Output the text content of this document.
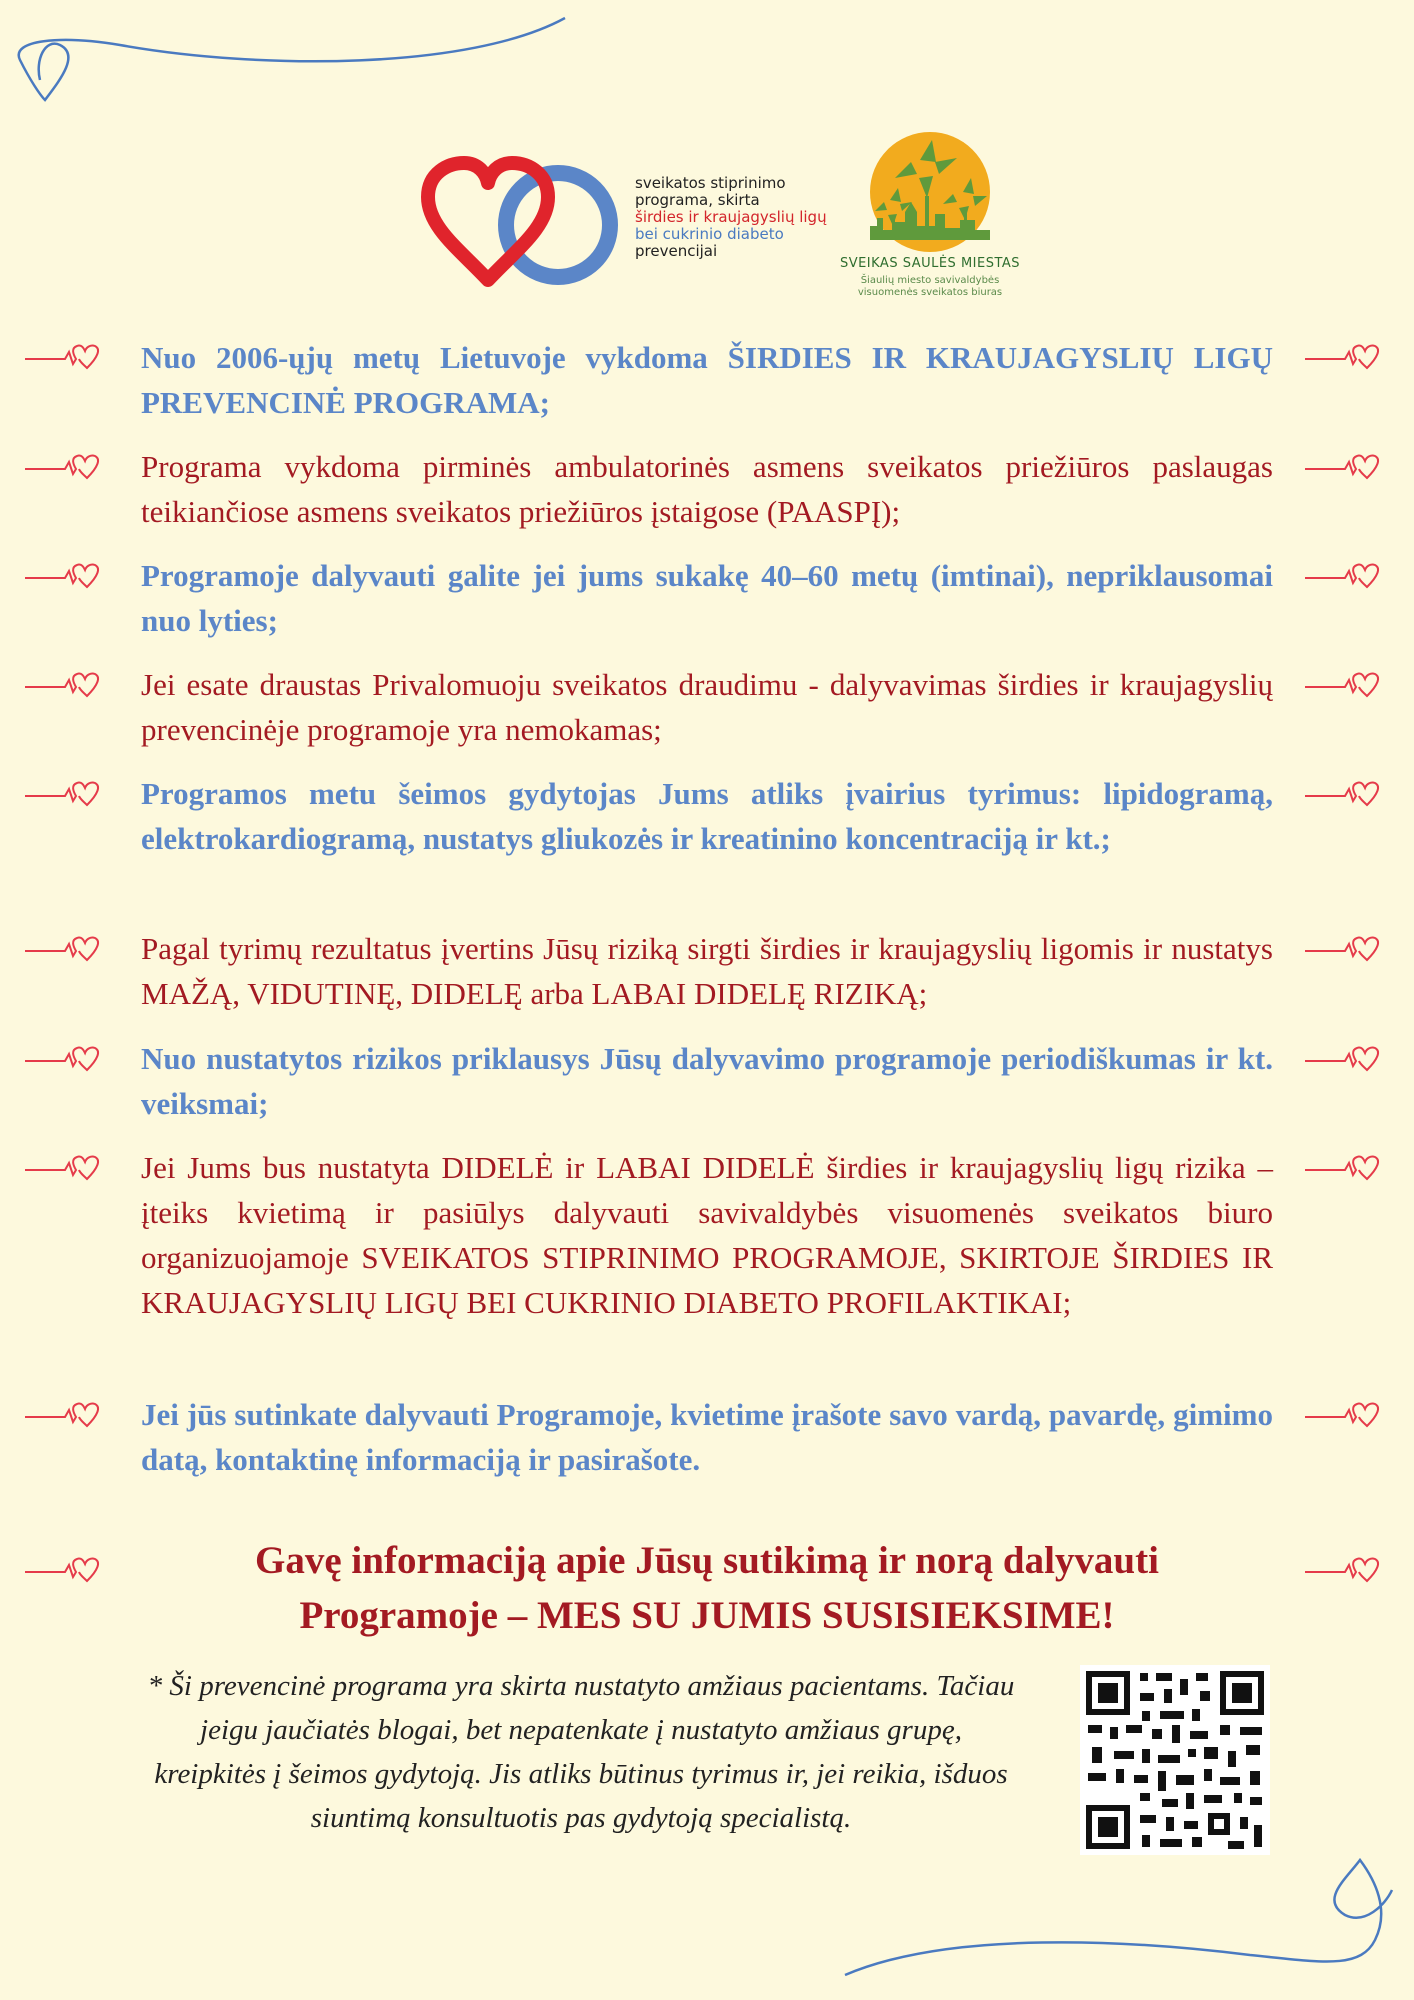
sveikatos stiprinimo
programa, skirta
širdies ir kraujagyslių ligų
bei cukrinio diabeto
prevencijai
SVEIKAS SAULĖS MIESTAS
Šiaulių miesto savivaldybės
visuomenės sveikatos biuras
Nuo 2006-ųjų metų Lietuvoje vykdoma ŠIRDIES IR KRAUJAGYSLIŲ LIGŲ PREVENCINĖ PROGRAMA;
Programa vykdoma pirminės ambulatorinės asmens sveikatos priežiūros paslaugas teikiančiose asmens sveikatos priežiūros įstaigose (PAASPĮ);
Programoje dalyvauti galite jei jums sukakę 40–60 metų (imtinai), nepriklausomai nuo lyties;
Jei esate draustas Privalomuoju sveikatos draudimu - dalyvavimas širdies ir kraujagyslių prevencinėje programoje yra nemokamas;
Programos metu šeimos gydytojas Jums atliks įvairius tyrimus: lipidogramą, elektrokardiogramą, nustatys gliukozės ir kreatinino koncentraciją ir kt.;
Pagal tyrimų rezultatus įvertins Jūsų riziką sirgti širdies ir kraujagyslių ligomis ir nustatys MAŽĄ, VIDUTINĘ, DIDELĘ arba LABAI DIDELĘ RIZIKĄ;
Nuo nustatytos rizikos priklausys Jūsų dalyvavimo programoje periodiškumas ir kt. veiksmai;
Jei Jums bus nustatyta DIDELĖ ir LABAI DIDELĖ širdies ir kraujagyslių ligų rizika – įteiks kvietimą ir pasiūlys dalyvauti savivaldybės visuomenės sveikatos biuro organizuojamoje SVEIKATOS STIPRINIMO PROGRAMOJE, SKIRTOJE ŠIRDIES IR KRAUJAGYSLIŲ LIGŲ BEI CUKRINIO DIABETO PROFILAKTIKAI;
Jei jūs sutinkate dalyvauti Programoje, kvietime įrašote savo vardą, pavardę, gimimo datą, kontaktinę informaciją ir pasirašote.
Gavę informaciją apie Jūsų sutikimą ir norą dalyvauti
Programoje – MES SU JUMIS SUSISIEKSIME!
* Ši prevencinė programa yra skirta nustatyto amžiaus pacientams. Tačiau jeigu jaučiatės blogai, bet nepatenkate į nustatyto amžiaus grupę, kreipkitės į šeimos gydytoją. Jis atliks būtinus tyrimus ir, jei reikia, išduos siuntimą konsultuotis pas gydytoją specialistą.
